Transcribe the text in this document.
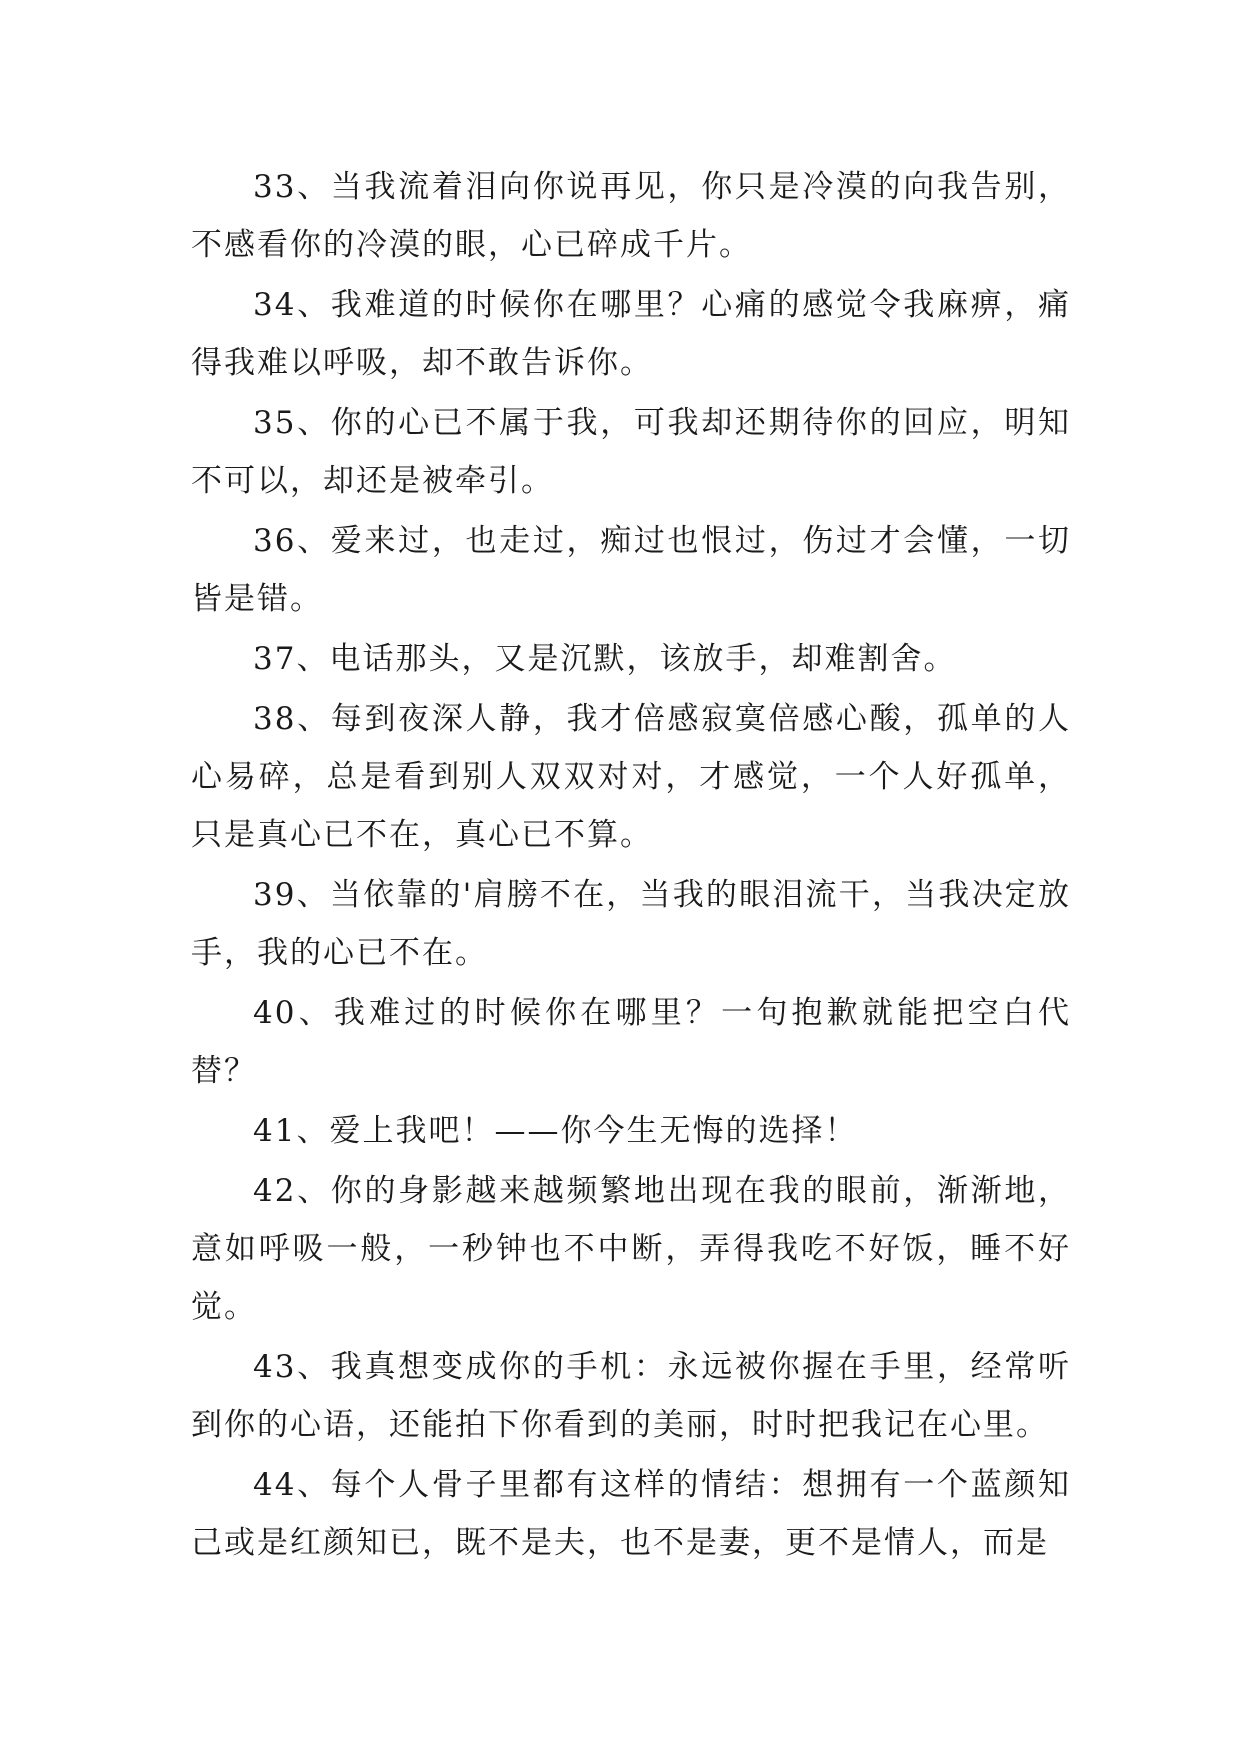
33、当我流着泪向你说再见，你只是冷漠的向我告别，不感看你的冷漠的眼，心已碎成千片。

34、我难道的时候你在哪里？心痛的感觉令我麻痹，痛得我难以呼吸，却不敢告诉你。

35、你的心已不属于我，可我却还期待你的回应，明知不可以，却还是被牵引。

36、爱来过，也走过，痴过也恨过，伤过才会懂，一切皆是错。

37、电话那头，又是沉默，该放手，却难割舍。

38、每到夜深人静，我才倍感寂寞倍感心酸，孤单的人心易碎，总是看到别人双双对对，才感觉，一个人好孤单，只是真心已不在，真心已不算。

39、当依靠的'肩膀不在，当我的眼泪流干，当我决定放手，我的心已不在。

40、我难过的时候你在哪里？一句抱歉就能把空白代替？

41、爱上我吧！——你今生无悔的选择！

42、你的身影越来越频繁地出现在我的眼前，渐渐地，意如呼吸一般，一秒钟也不中断，弄得我吃不好饭，睡不好觉。

43、我真想变成你的手机：永远被你握在手里，经常听到你的心语，还能拍下你看到的美丽，时时把我记在心里。

44、每个人骨子里都有这样的情结：想拥有一个蓝颜知己或是红颜知已，既不是夫，也不是妻，更不是情人，而是
